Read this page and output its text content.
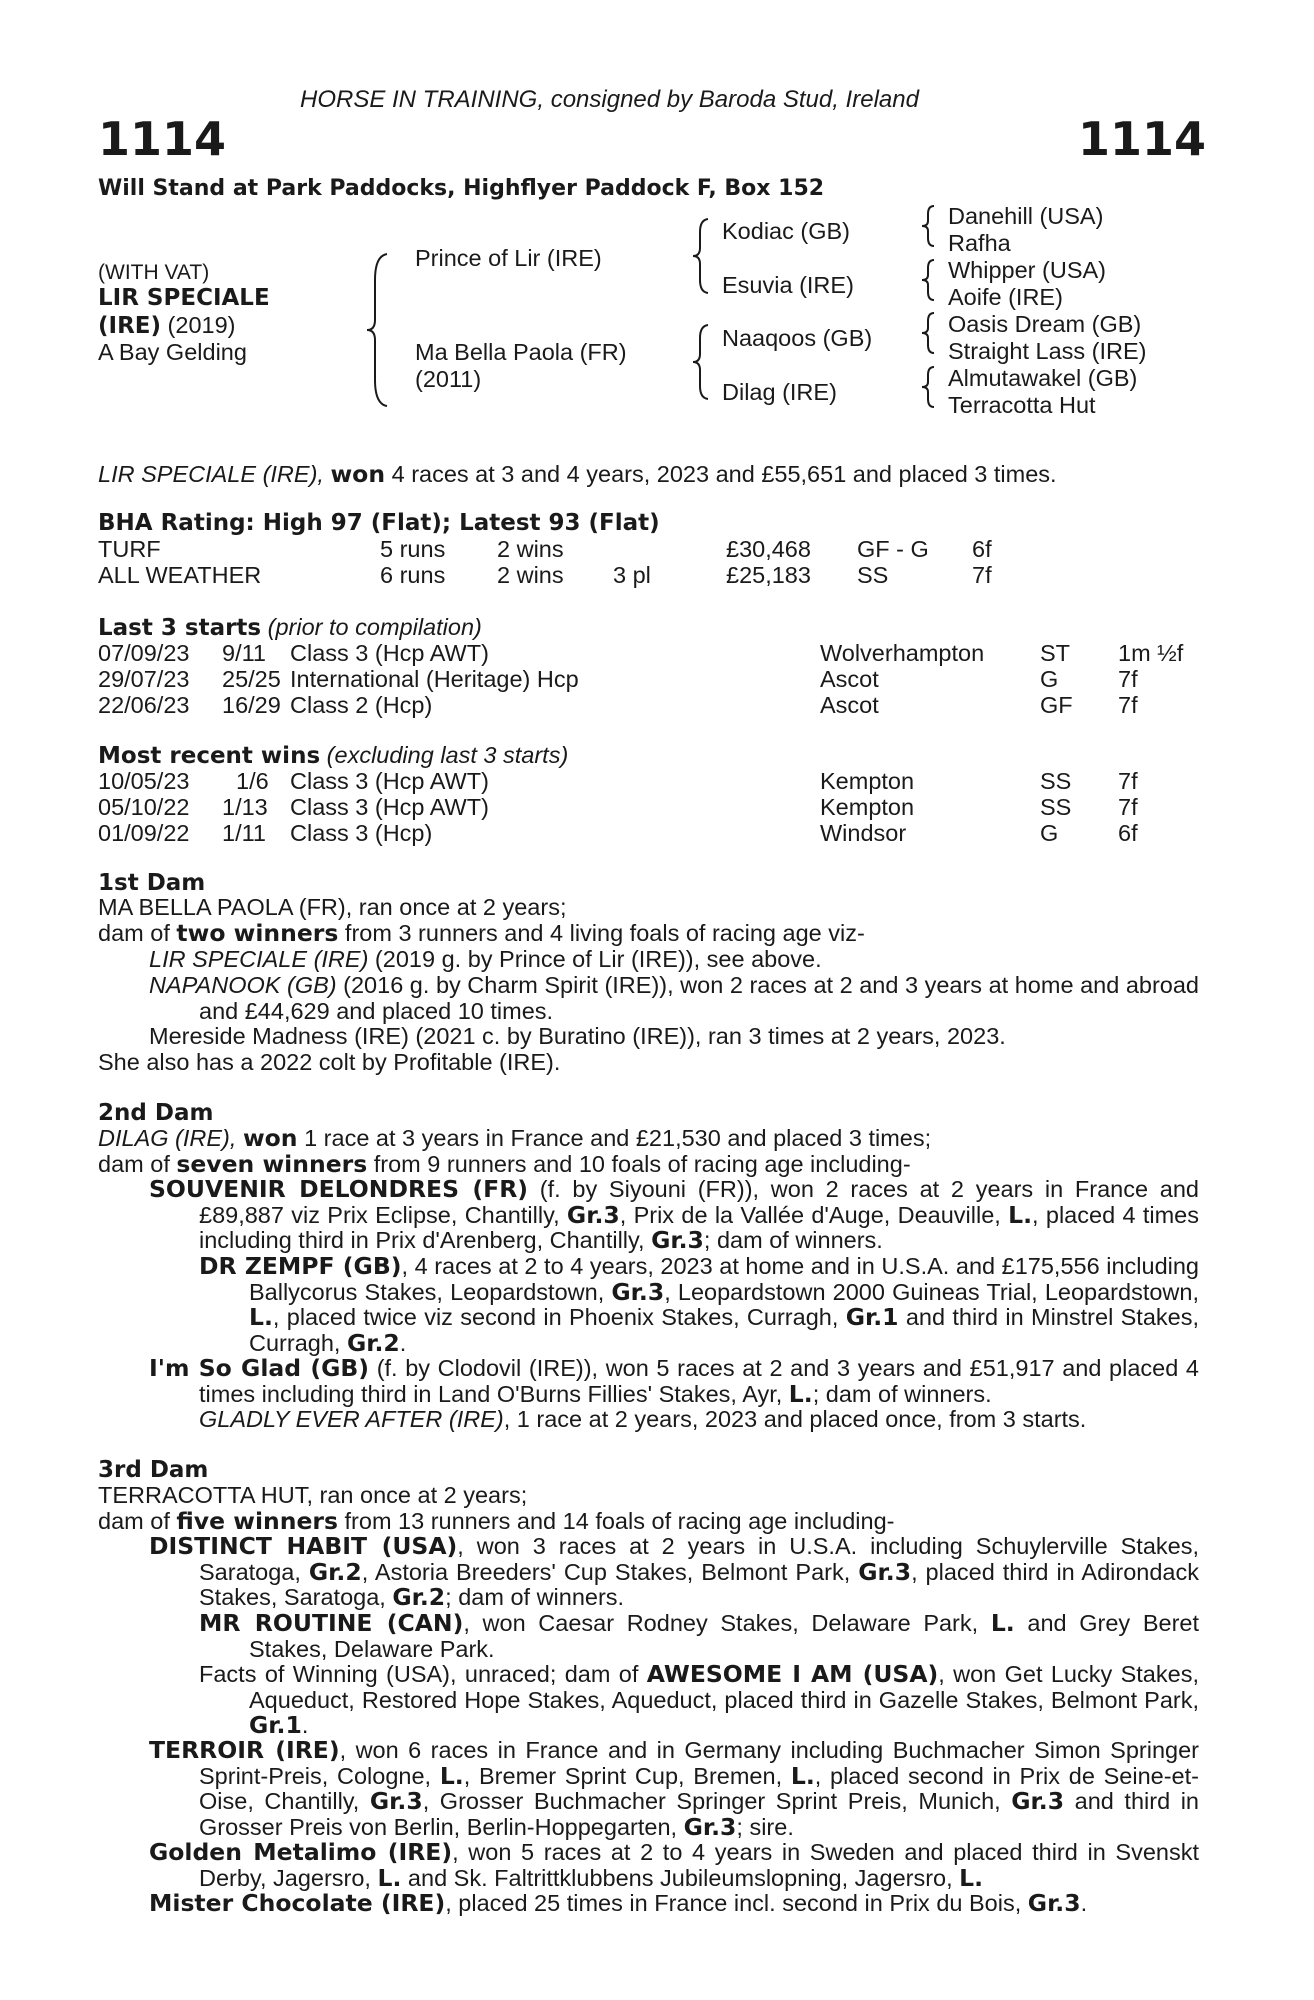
HORSE IN TRAINING, consigned by Baroda Stud, Ireland
1114	1114
Will Stand at Park Paddocks, Highflyer Paddock F, Box 152
(WITH VAT)
LIR SPECIALE
(IRE) (2019)
A Bay Gelding
Prince of Lir (IRE)
Ma Bella Paola (FR)
(2011)
Kodiac (GB)
Esuvia (IRE)
Naaqoos (GB)
Dilag (IRE)
Danehill (USA)
Rafha
Whipper (USA)
Aoife (IRE)
Oasis Dream (GB)
Straight Lass (IRE)
Almutawakel (GB)
Terracotta Hut
LIR SPECIALE (IRE), won 4 races at 3 and 4 years, 2023 and £55,651 and placed 3 times.
BHA Rating: High 97 (Flat); Latest 93 (Flat)
TURF	5 runs 2 wins	£30,468 GF - G 6f
ALL WEATHER	6 runs 2 wins 3 pl	£25,183 SS	7f
Last 3 starts (prior to compilation)
07/09/23 9/11 Class 3 (Hcp AWT)	Wolverhampton ST 1m ½f
29/07/23 25/25 International (Heritage) Hcp	Ascot	G	7f
22/06/23 16/29 Class 2 (Hcp)	Ascot	GF 7f
Most recent wins (excluding last 3 starts)
10/05/23 1/6 Class 3 (Hcp AWT)	Kempton	SS 7f
05/10/22 1/13 Class 3 (Hcp AWT)	Kempton	SS 7f
01/09/22 1/11 Class 3 (Hcp)	Windsor	G	6f
1st Dam
MA BELLA PAOLA (FR), ran once at 2 years;
dam of two winners from 3 runners and 4 living foals of racing age viz-
LIR SPECIALE (IRE) (2019 g. by Prince of Lir (IRE)), see above.
NAPANOOK (GB) (2016 g. by Charm Spirit (IRE)), won 2 races at 2 and 3 years at home and abroad and £44,629 and placed 10 times.
Mereside Madness (IRE) (2021 c. by Buratino (IRE)), ran 3 times at 2 years, 2023.
She also has a 2022 colt by Profitable (IRE).
2nd Dam
DILAG (IRE), won 1 race at 3 years in France and £21,530 and placed 3 times;
dam of seven winners from 9 runners and 10 foals of racing age including-
SOUVENIR DELONDRES (FR) (f. by Siyouni (FR)), won 2 races at 2 years in France and £89,887 viz Prix Eclipse, Chantilly, Gr.3, Prix de la Vallée d'Auge, Deauville, L., placed 4 times including third in Prix d'Arenberg, Chantilly, Gr.3; dam of winners.
DR ZEMPF (GB), 4 races at 2 to 4 years, 2023 at home and in U.S.A. and £175,556 including Ballycorus Stakes, Leopardstown, Gr.3, Leopardstown 2000 Guineas Trial, Leopardstown, L., placed twice viz second in Phoenix Stakes, Curragh, Gr.1 and third in Minstrel Stakes, Curragh, Gr.2.
I'm So Glad (GB) (f. by Clodovil (IRE)), won 5 races at 2 and 3 years and £51,917 and placed 4 times including third in Land O'Burns Fillies' Stakes, Ayr, L.; dam of winners.
GLADLY EVER AFTER (IRE), 1 race at 2 years, 2023 and placed once, from 3 starts.
3rd Dam
TERRACOTTA HUT, ran once at 2 years;
dam of five winners from 13 runners and 14 foals of racing age including-
DISTINCT HABIT (USA), won 3 races at 2 years in U.S.A. including Schuylerville Stakes, Saratoga, Gr.2, Astoria Breeders' Cup Stakes, Belmont Park, Gr.3, placed third in Adirondack Stakes, Saratoga, Gr.2; dam of winners.
MR ROUTINE (CAN), won Caesar Rodney Stakes, Delaware Park, L. and Grey Beret Stakes, Delaware Park.
Facts of Winning (USA), unraced; dam of AWESOME I AM (USA), won Get Lucky Stakes, Aqueduct, Restored Hope Stakes, Aqueduct, placed third in Gazelle Stakes, Belmont Park, Gr.1.
TERROIR (IRE), won 6 races in France and in Germany including Buchmacher Simon Springer Sprint-Preis, Cologne, L., Bremer Sprint Cup, Bremen, L., placed second in Prix de Seine-et-Oise, Chantilly, Gr.3, Grosser Buchmacher Springer Sprint Preis, Munich, Gr.3 and third in Grosser Preis von Berlin, Berlin-Hoppegarten, Gr.3; sire.
Golden Metalimo (IRE), won 5 races at 2 to 4 years in Sweden and placed third in Svenskt Derby, Jagersro, L. and Sk. Faltrittklubbens Jubileumslopning, Jagersro, L.
Mister Chocolate (IRE), placed 25 times in France incl. second in Prix du Bois, Gr.3.
